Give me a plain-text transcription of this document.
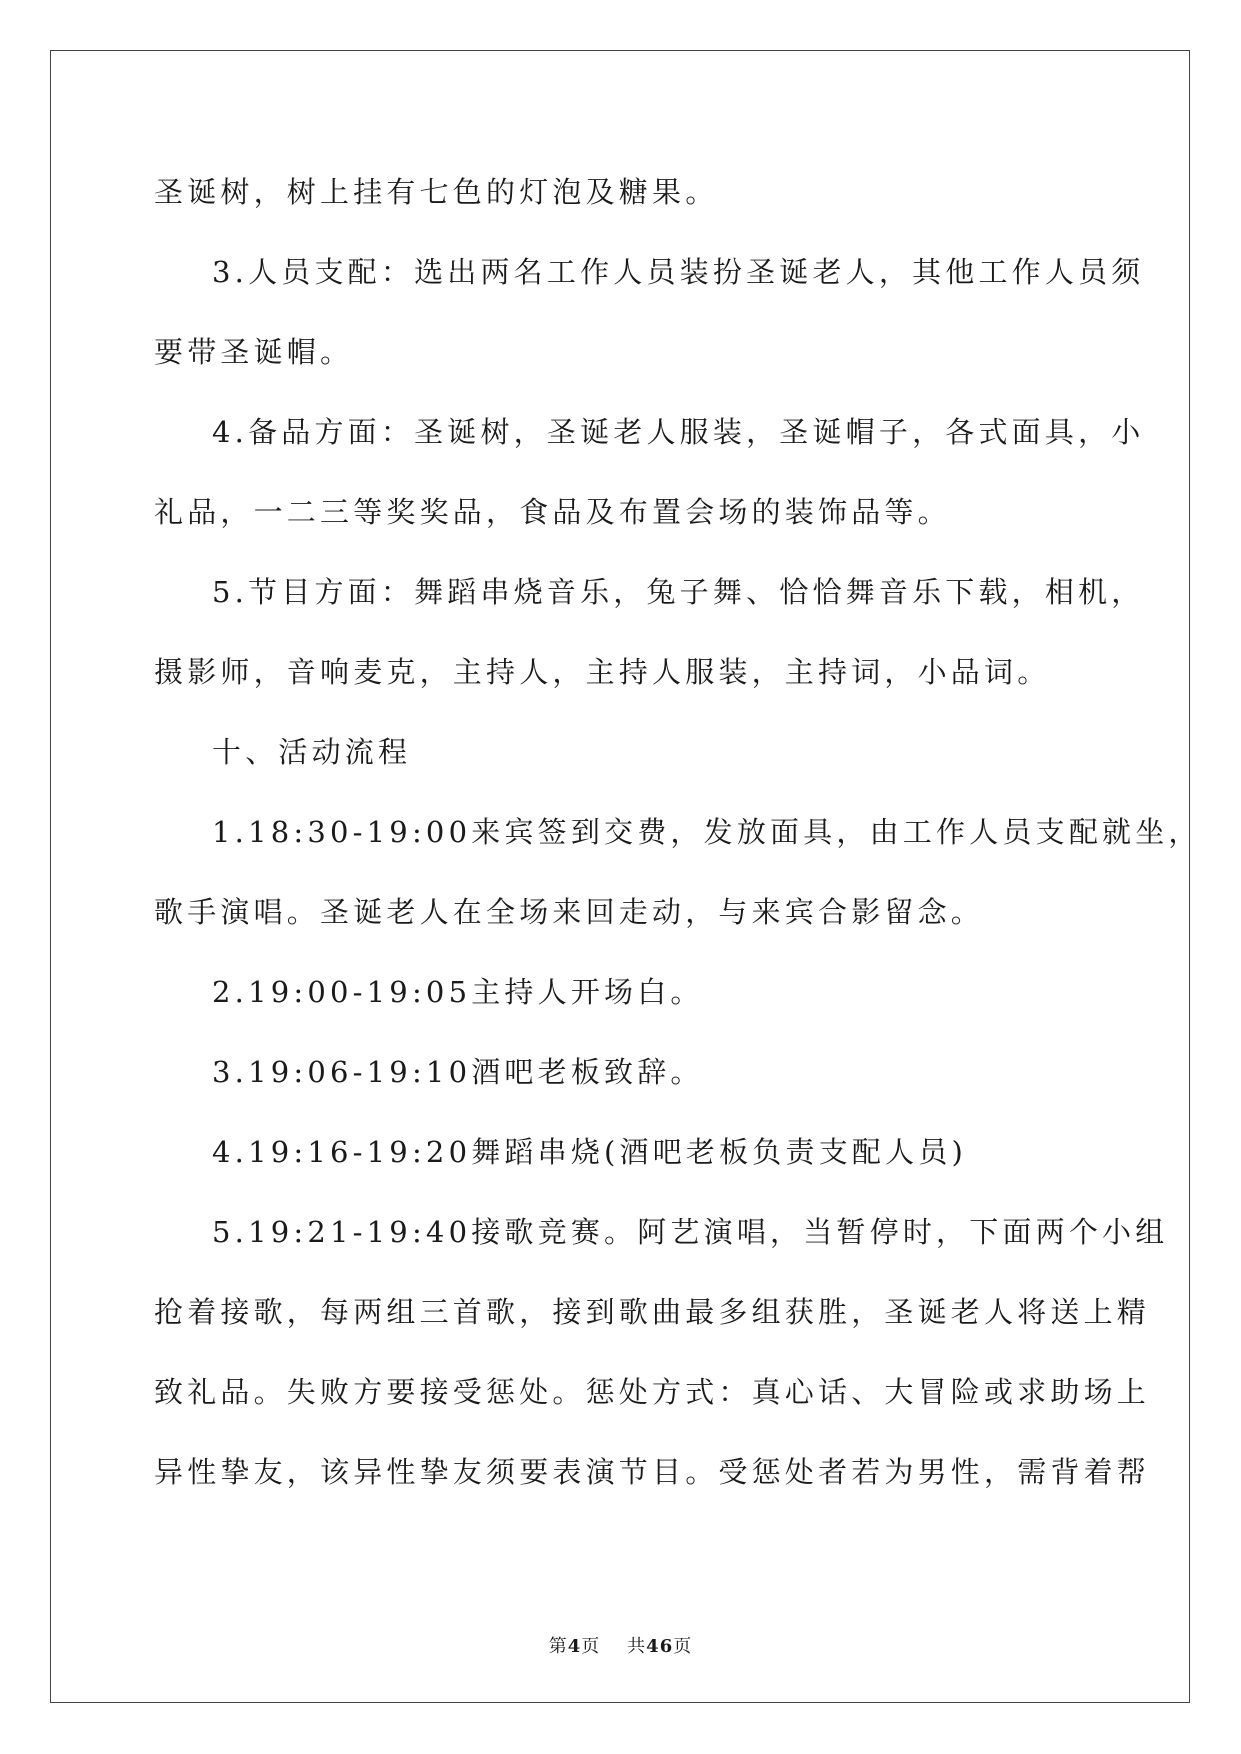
圣诞树，树上挂有七色的灯泡及糖果。
3.人员支配：选出两名工作人员装扮圣诞老人，其他工作人员须
要带圣诞帽。
4.备品方面：圣诞树，圣诞老人服装，圣诞帽子，各式面具，小
礼品，一二三等奖奖品，食品及布置会场的装饰品等。
5.节目方面：舞蹈串烧音乐，兔子舞、恰恰舞音乐下载，相机，
摄影师，音响麦克，主持人，主持人服装，主持词，小品词。
十、活动流程
1.18:30-19:00来宾签到交费，发放面具，由工作人员支配就坐，
歌手演唱。圣诞老人在全场来回走动，与来宾合影留念。
2.19:00-19:05主持人开场白。
3.19:06-19:10酒吧老板致辞。
4.19:16-19:20舞蹈串烧(酒吧老板负责支配人员)
5.19:21-19:40接歌竞赛。阿艺演唱，当暂停时，下面两个小组
抢着接歌，每两组三首歌，接到歌曲最多组获胜，圣诞老人将送上精
致礼品。失败方要接受惩处。惩处方式：真心话、大冒险或求助场上
异性挚友，该异性挚友须要表演节目。受惩处者若为男性，需背着帮
第4页    共46页
